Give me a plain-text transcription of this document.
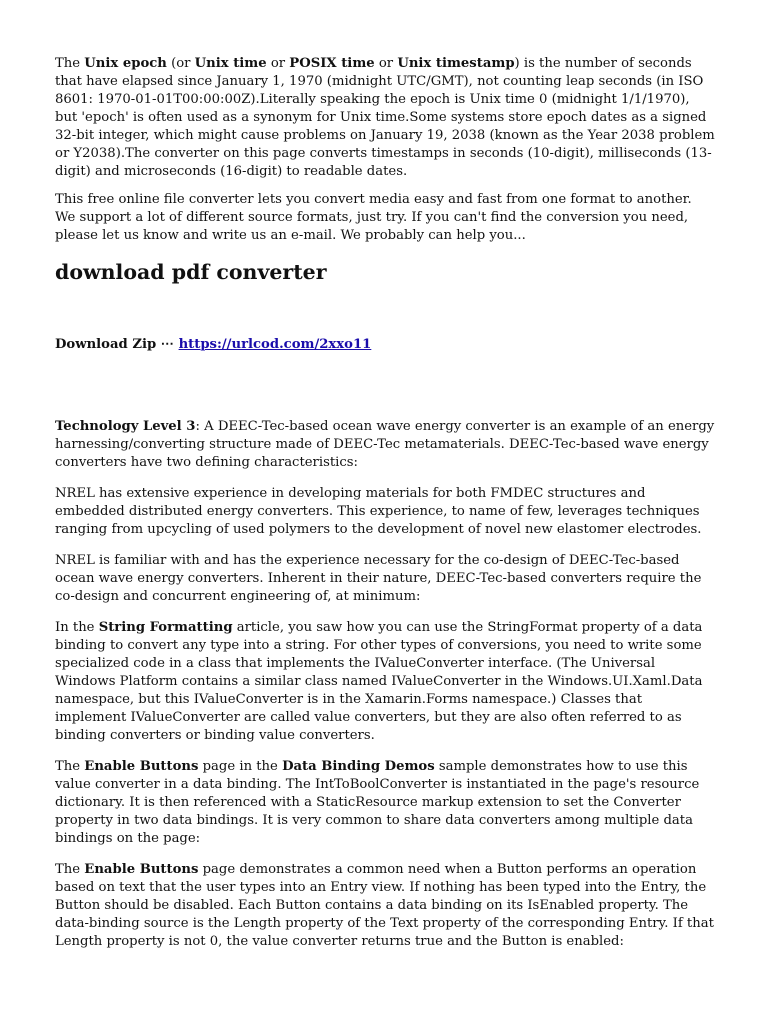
The Unix epoch (or Unix time or POSIX time or Unix timestamp) is the number of seconds that have elapsed since January 1, 1970 (midnight UTC/GMT), not counting leap seconds (in ISO 8601: 1970-01-01T00:00:00Z).Literally speaking the epoch is Unix time 0 (midnight 1/1/1970), but 'epoch' is often used as a synonym for Unix time.Some systems store epoch dates as a signed 32-bit integer, which might cause problems on January 19, 2038 (known as the Year 2038 problem or Y2038).The converter on this page converts timestamps in seconds (10-digit), milliseconds (13-digit) and microseconds (16-digit) to readable dates.

This free online file converter lets you convert media easy and fast from one format to another. We support a lot of different source formats, just try. If you can't find the conversion you need, please let us know and write us an e-mail. We probably can help you...

download pdf converter

Download Zip ⋯ https://urlcod.com/2xxo11

Technology Level 3: A DEEC-Tec-based ocean wave energy converter is an example of an energy harnessing/converting structure made of DEEC-Tec metamaterials. DEEC-Tec-based wave energy converters have two defining characteristics:

NREL has extensive experience in developing materials for both FMDEC structures and embedded distributed energy converters. This experience, to name of few, leverages techniques ranging from upcycling of used polymers to the development of novel new elastomer electrodes.

NREL is familiar with and has the experience necessary for the co-design of DEEC-Tec-based ocean wave energy converters. Inherent in their nature, DEEC-Tec-based converters require the co-design and concurrent engineering of, at minimum:

In the String Formatting article, you saw how you can use the StringFormat property of a data binding to convert any type into a string. For other types of conversions, you need to write some specialized code in a class that implements the IValueConverter interface. (The Universal Windows Platform contains a similar class named IValueConverter in the Windows.UI.Xaml.Data namespace, but this IValueConverter is in the Xamarin.Forms namespace.) Classes that implement IValueConverter are called value converters, but they are also often referred to as binding converters or binding value converters.

The Enable Buttons page in the Data Binding Demos sample demonstrates how to use this value converter in a data binding. The IntToBoolConverter is instantiated in the page's resource dictionary. It is then referenced with a StaticResource markup extension to set the Converter property in two data bindings. It is very common to share data converters among multiple data bindings on the page:

The Enable Buttons page demonstrates a common need when a Button performs an operation based on text that the user types into an Entry view. If nothing has been typed into the Entry, the Button should be disabled. Each Button contains a data binding on its IsEnabled property. The data-binding source is the Length property of the Text property of the corresponding Entry. If that Length property is not 0, the value converter returns true and the Button is enabled:
